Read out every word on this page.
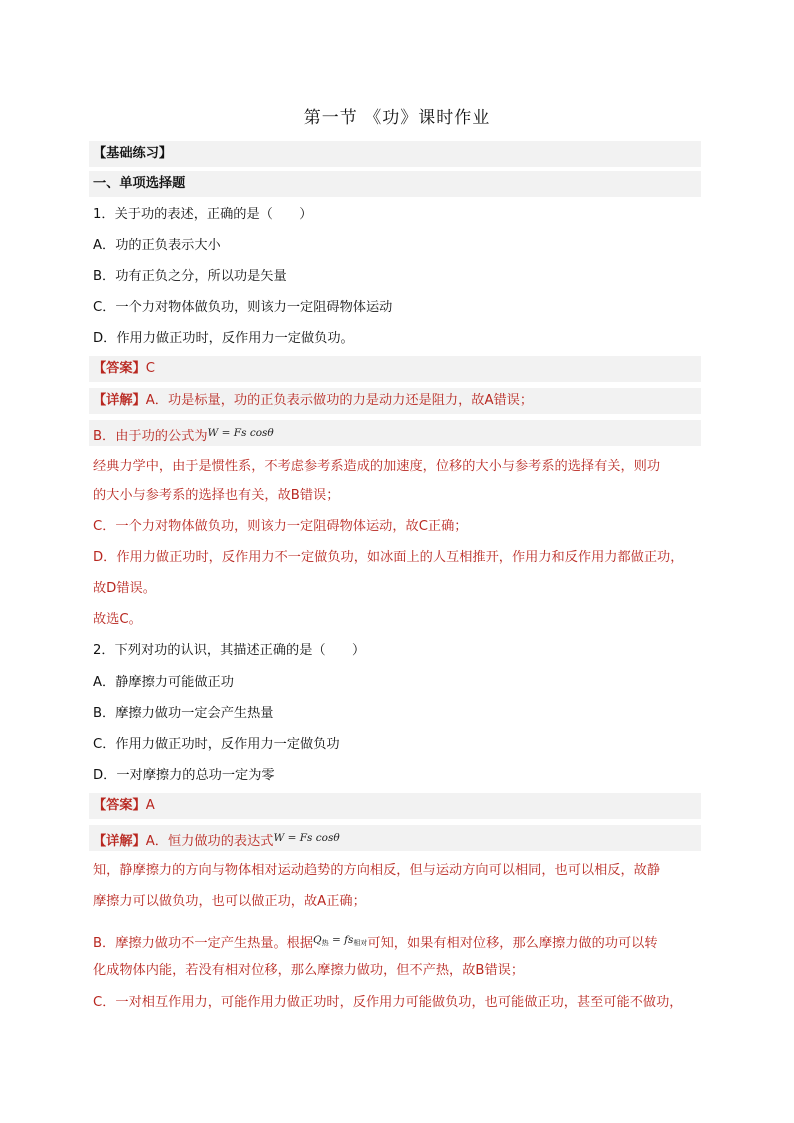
第一节 《功》课时作业
【基础练习】
一、单项选择题
1．关于功的表述，正确的是（　　）
A．功的正负表示大小
B．功有正负之分，所以功是矢量
C．一个力对物体做负功，则该力一定阻碍物体运动
D．作用力做正功时，反作用力一定做负功。
【答案】C
【详解】A．功是标量，功的正负表示做功的力是动力还是阻力，故A错误；
B．由于功的公式为$^{W = Fs cos\theta}$
经典力学中，由于是惯性系，不考虑参考系造成的加速度，位移的大小与参考系的选择有关，则功
的大小与参考系的选择也有关，故B错误；
C．一个力对物体做负功，则该力一定阻碍物体运动，故C正确；
D．作用力做正功时，反作用力不一定做负功，如冰面上的人互相推开，作用力和反作用力都做正功，
故D错误。
故选C。
2．下列对功的认识，其描述正确的是（　　）
A．静摩擦力可能做正功
B．摩擦力做功一定会产生热量
C．作用力做正功时，反作用力一定做负功
D．一对摩擦力的总功一定为零
【答案】A
【详解】A．恒力做功的表达式$^{W = Fs cos\theta}$
知，静摩擦力的方向与物体相对运动趋势的方向相反，但与运动方向可以相同，也可以相反，故静
摩擦力可以做负功，也可以做正功，故A正确；
B．摩擦力做功不一定产生热量。根据$^{Q_热 = fs_{相对}}$可知，如果有相对位移，那么摩擦力做的功可以转
化成物体内能，若没有相对位移，那么摩擦力做功，但不产热，故B错误；
C．一对相互作用力，可能作用力做正功时，反作用力可能做负功，也可能做正功，甚至可能不做功，
